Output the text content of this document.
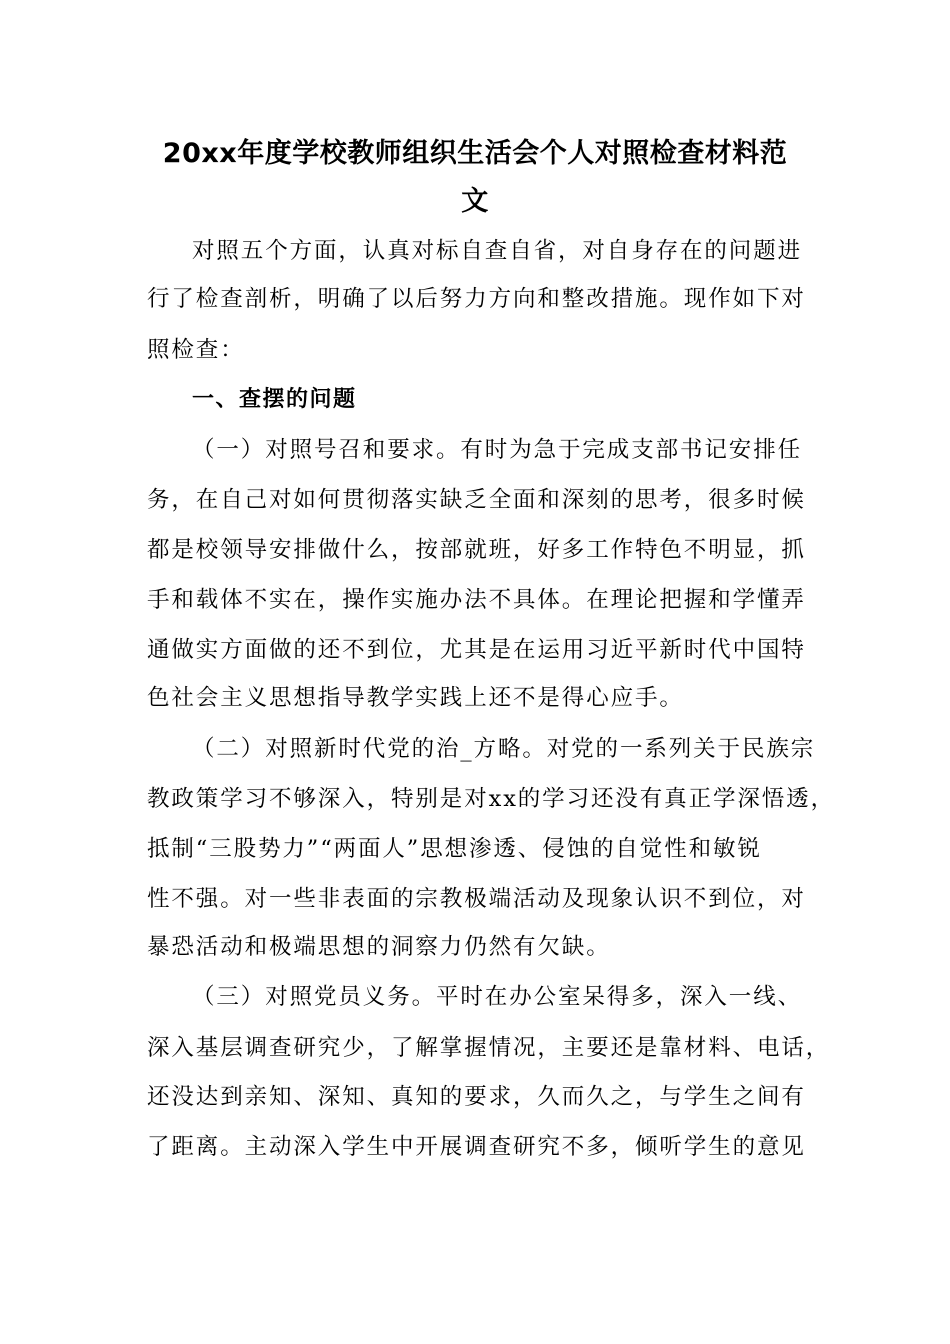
20xx年度学校教师组织生活会个人对照检查材料范
文
对照五个方面，认真对标自查自省，对自身存在的问题进
行了检查剖析，明确了以后努力方向和整改措施。现作如下对
照检查：
一、查摆的问题
（一）对照号召和要求。有时为急于完成支部书记安排任
务，在自己对如何贯彻落实缺乏全面和深刻的思考，很多时候
都是校领导安排做什么，按部就班，好多工作特色不明显，抓
手和载体不实在，操作实施办法不具体。在理论把握和学懂弄
通做实方面做的还不到位，尤其是在运用习近平新时代中国特
色社会主义思想指导教学实践上还不是得心应手。
（二）对照新时代党的治_方略。对党的一系列关于民族宗
教政策学习不够深入，特别是对xx的学习还没有真正学深悟透，
抵制“三股势力”“两面人”思想渗透、侵蚀的自觉性和敏锐
性不强。对一些非表面的宗教极端活动及现象认识不到位，对
暴恐活动和极端思想的洞察力仍然有欠缺。
（三）对照党员义务。平时在办公室呆得多，深入一线、
深入基层调查研究少，了解掌握情况，主要还是靠材料、电话，
还没达到亲知、深知、真知的要求，久而久之，与学生之间有
了距离。主动深入学生中开展调查研究不多，倾听学生的意见
